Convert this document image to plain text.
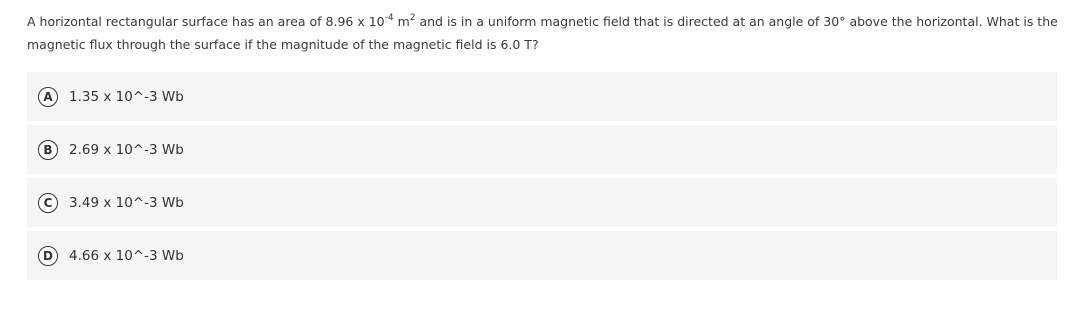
A horizontal rectangular surface has an area of 8.96 x $10^{-4}$ $m^2$ and is in a uniform magnetic field that is directed at an angle of 30° above the horizontal. What is the magnetic flux through the surface if the magnitude of the magnetic field is 6.0 T?
A	1.35 x 10^-3 Wb
B	2.69 x 10^-3 Wb
C	3.49 x 10^-3 Wb
D	4.66 x 10^-3 Wb
